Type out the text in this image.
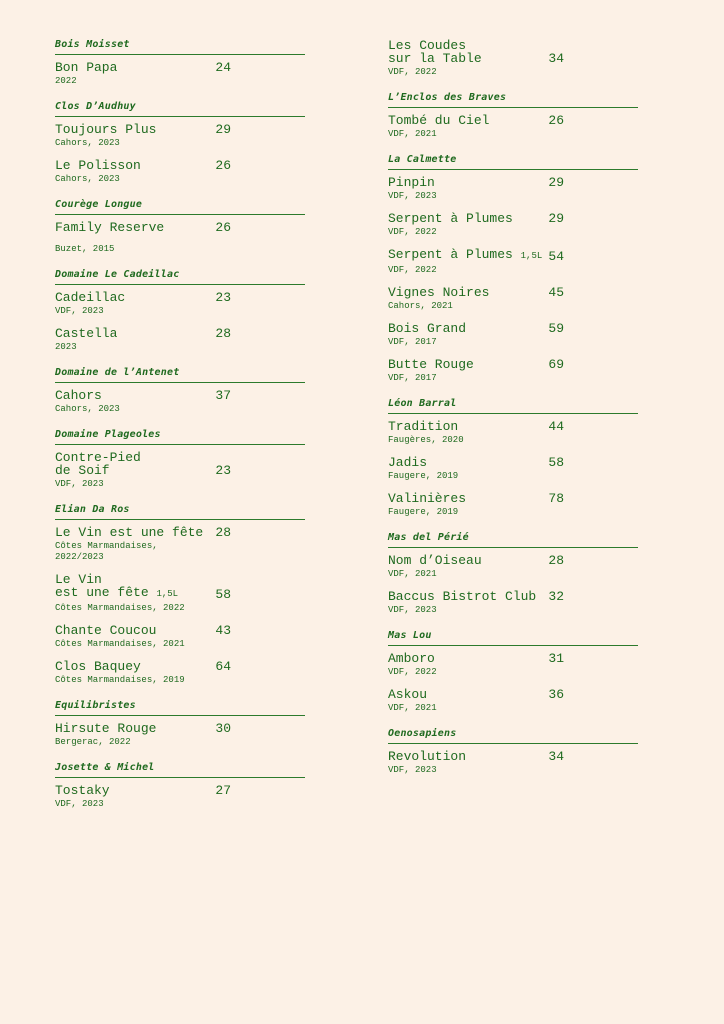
Bois Moisset
Bon Papa	24
2022
Clos D’Audhuy
Toujours Plus	29
Cahors, 2023
Le Polisson	26
Cahors, 2023
Courège Longue
Family Reserve	26
Buzet, 2015
Domaine Le Cadeillac
Cadeillac	23
VDF, 2023
Castella	28
2023
Domaine de l’Antenet
Cahors	37
Cahors, 2023
Domaine Plageoles
Contre-Pied
de Soif	23
VDF, 2023
Elian Da Ros
Le Vin est une fête 28
Côtes Marmandaises,
2022/2023
Le Vin
est une fête 1,5L	58
Côtes Marmandaises, 2022
Chante Coucou	43
Côtes Marmandaises, 2021
Clos Baquey	64
Côtes Marmandaises, 2019
Equilibristes
Hirsute Rouge	30
Bergerac, 2022
Josette & Michel
Tostaky	27
VDF, 2023
Les Coudes
sur la Table	34
VDF, 2022
L’Enclos des Braves
Tombé du Ciel	26
VDF, 2021
La Calmette
Pinpin	29
VDF, 2023
Serpent à Plumes	29
VDF, 2022
Serpent à Plumes 1,5L 54
VDF, 2022
Vignes Noires	45
Cahors, 2021
Bois Grand	59
VDF, 2017
Butte Rouge	69
VDF, 2017
Léon Barral
Tradition	44
Faugères, 2020
Jadis	58
Faugere, 2019
Valinières	78
Faugere, 2019
Mas del Périé
Nom d’Oiseau	28
VDF, 2021
Baccus Bistrot Club 32
VDF, 2023
Mas Lou
Amboro	31
VDF, 2022
Askou	36
VDF, 2021
Oenosapiens
Revolution	34
VDF, 2023
